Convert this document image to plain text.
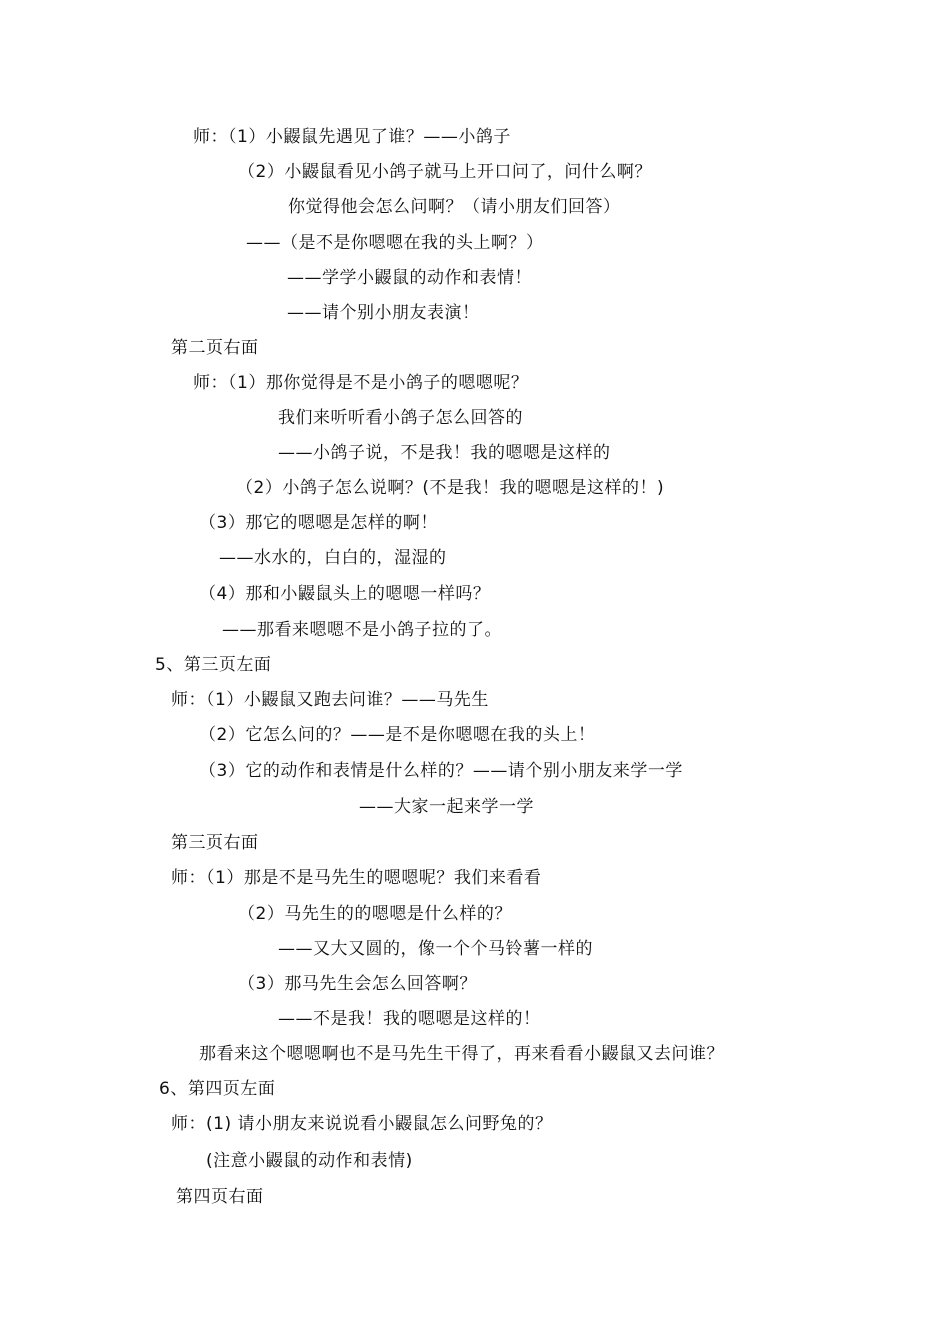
师：（1）小鼹鼠先遇见了谁？——小鸽子
（2）小鼹鼠看见小鸽子就马上开口问了，问什么啊？
你觉得他会怎么问啊？（请小朋友们回答）
——（是不是你嗯嗯在我的头上啊？）
——学学小鼹鼠的动作和表情！
——请个别小朋友表演！
第二页右面
师：（1）那你觉得是不是小鸽子的嗯嗯呢？
我们来听听看小鸽子怎么回答的
——小鸽子说，不是我！我的嗯嗯是这样的
（2）小鸽子怎么说啊？(不是我！我的嗯嗯是这样的！)
（3）那它的嗯嗯是怎样的啊！
——水水的，白白的，湿湿的
（4）那和小鼹鼠头上的嗯嗯一样吗？
——那看来嗯嗯不是小鸽子拉的了。
5、第三页左面
师：（1）小鼹鼠又跑去问谁？——马先生
（2）它怎么问的？——是不是你嗯嗯在我的头上！
（3）它的动作和表情是什么样的？——请个别小朋友来学一学
——大家一起来学一学
第三页右面
师：（1）那是不是马先生的嗯嗯呢？我们来看看
（2）马先生的的嗯嗯是什么样的？
——又大又圆的，像一个个马铃薯一样的
（3）那马先生会怎么回答啊？
——不是我！我的嗯嗯是这样的！
那看来这个嗯嗯啊也不是马先生干得了，再来看看小鼹鼠又去问谁？
6、第四页左面
师：(1) 请小朋友来说说看小鼹鼠怎么问野兔的？
(注意小鼹鼠的动作和表情)
第四页右面
